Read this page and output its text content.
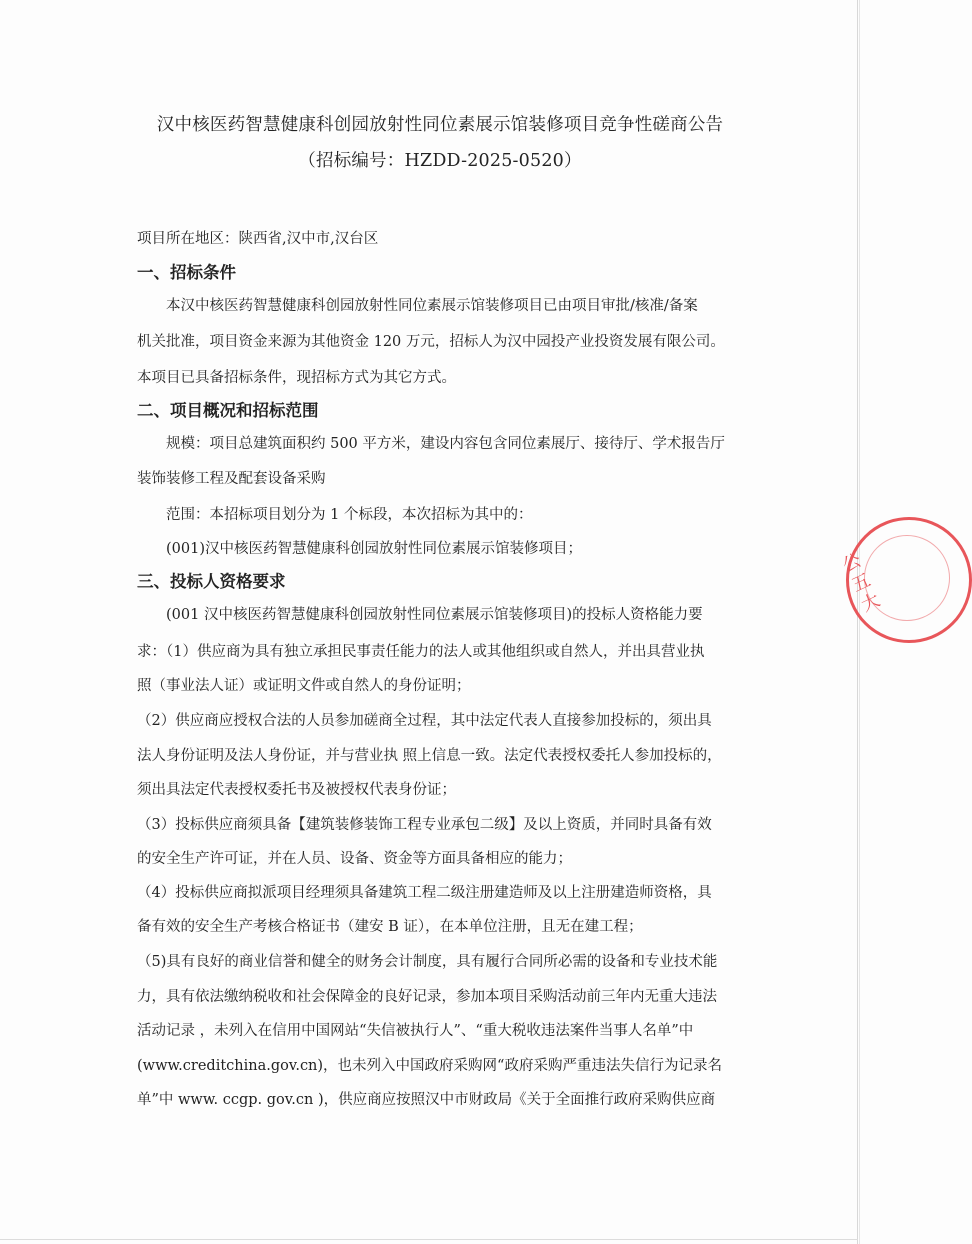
汉中核医药智慧健康科创园放射性同位素展示馆装修项目竞争性磋商公告
（招标编号：HZDD-2025-0520）
项目所在地区：陕西省,汉中市,汉台区
一、招标条件
本汉中核医药智慧健康科创园放射性同位素展示馆装修项目已由项目审批/核准/备案
机关批准，项目资金来源为其他资金 120 万元，招标人为汉中园投产业投资发展有限公司。
本项目已具备招标条件，现招标方式为其它方式。
二、项目概况和招标范围
规模：项目总建筑面积约 500 平方米，建设内容包含同位素展厅、接待厅、学术报告厅
装饰装修工程及配套设备采购
范围：本招标项目划分为 1 个标段，本次招标为其中的：
(001)汉中核医药智慧健康科创园放射性同位素展示馆装修项目；
三、投标人资格要求
(001 汉中核医药智慧健康科创园放射性同位素展示馆装修项目)的投标人资格能力要
求：（1）供应商为具有独立承担民事责任能力的法人或其他组织或自然人，并出具营业执
照（事业法人证）或证明文件或自然人的身份证明；
（2）供应商应授权合法的人员参加磋商全过程，其中法定代表人直接参加投标的，须出具
法人身份证明及法人身份证，并与营业执 照上信息一致。法定代表授权委托人参加投标的，
须出具法定代表授权委托书及被授权代表身份证；
（3）投标供应商须具备【建筑装修装饰工程专业承包二级】及以上资质，并同时具备有效
的安全生产许可证，并在人员、设备、资金等方面具备相应的能力；
（4）投标供应商拟派项目经理须具备建筑工程二级注册建造师及以上注册建造师资格，具
备有效的安全生产考核合格证书（建安 B 证），在本单位注册，且无在建工程；
（5)具有良好的商业信誉和健全的财务会计制度，具有履行合同所必需的设备和专业技术能
力，具有依法缴纳税收和社会保障金的良好记录，参加本项目采购活动前三年内无重大违法
活动记录 ，未列入在信用中国网站“失信被执行人”、“重大税收违法案件当事人名单”中
(www.creditchina.gov.cn)，也未列入中国政府采购网“政府采购严重违法失信行为记录名
单”中 www. ccgp. gov.cn )，供应商应按照汉中市财政局《关于全面推行政府采购供应商
公五大
